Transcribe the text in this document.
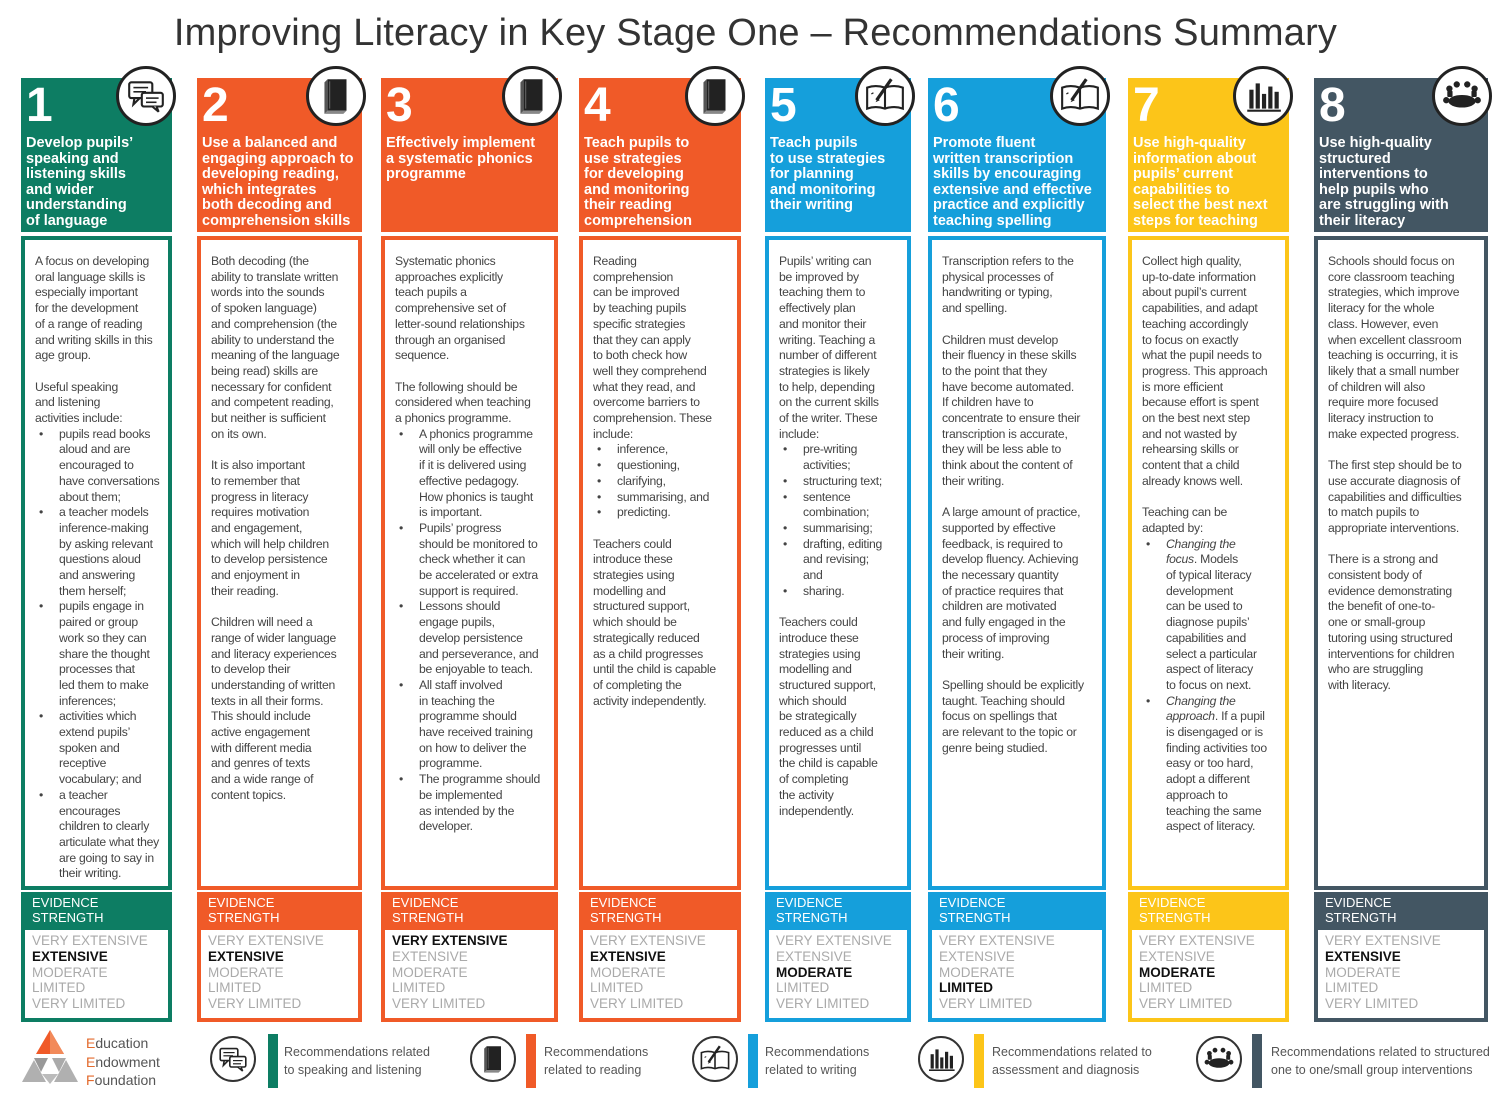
Improving Literacy in Key Stage One – Recommendations Summary
1
Develop pupils’
speaking and
listening skills
and wider
understanding
of language

A focus on developing
oral language skills is
especially important
for the development
of a range of reading
and writing skills in this
age group.

Useful speaking
and listening
activities include:

• pupils read books
aloud and are
encouraged to
have conversations
about them;
• a teacher models
inference-making
by asking relevant
questions aloud
and answering
them herself;
• pupils engage in
paired or group
work so they can
share the thought
processes that
led them to make
inferences;
• activities which
extend pupils’
spoken and
receptive
vocabulary; and
• a teacher
encourages
children to clearly
articulate what they
are going to say in
their writing.
EVIDENCE
STRENGTH
VERY EXTENSIVE
EXTENSIVE
MODERATE
LIMITED
VERY LIMITED
2
Use a balanced and
engaging approach to
developing reading,
which integrates
both decoding and
comprehension skills

Both decoding (the
ability to translate written
words into the sounds
of spoken language)
and comprehension (the
ability to understand the
meaning of the language
being read) skills are
necessary for confident
and competent reading,
but neither is sufficient
on its own.

It is also important
to remember that
progress in literacy
requires motivation
and engagement,
which will help children
to develop persistence
and enjoyment in
their reading.

Children will need a
range of wider language
and literacy experiences
to develop their
understanding of written
texts in all their forms.
This should include
active engagement
with different media
and genres of texts
and a wide range of
content topics.

EVIDENCE
STRENGTH
VERY EXTENSIVE
EXTENSIVE
MODERATE
LIMITED
VERY LIMITED
3
Effectively implement
a systematic phonics
programme

Systematic phonics
approaches explicitly
teach pupils a
comprehensive set of
letter-sound relationships
through an organised
sequence.

The following should be
considered when teaching
a phonics programme.

• A phonics programme
will only be effective
if it is delivered using
effective pedagogy.
How phonics is taught
is important.
• Pupils’ progress
should be monitored to
check whether it can
be accelerated or extra
support is required.
• Lessons should
engage pupils,
develop persistence
and perseverance, and
be enjoyable to teach.
• All staff involved
in teaching the
programme should
have received training
on how to deliver the
programme.
• The programme should
be implemented
as intended by the
developer.
EVIDENCE
STRENGTH
VERY EXTENSIVE
EXTENSIVE
MODERATE
LIMITED
VERY LIMITED
4
Teach pupils to
use strategies
for developing
and monitoring
their reading
comprehension

Reading
comprehension
can be improved
by teaching pupils
specific strategies
that they can apply
to both check how
well they comprehend
what they read, and
overcome barriers to
comprehension. These
include:

• inference,
• questioning,
• clarifying,
• summarising, and
• predicting.

Teachers could
introduce these
strategies using
modelling and
structured support,
which should be
strategically reduced
as a child progresses
until the child is capable
of completing the
activity independently.

EVIDENCE
STRENGTH
VERY EXTENSIVE
EXTENSIVE
MODERATE
LIMITED
VERY LIMITED
5
Teach pupils
to use strategies
for planning
and monitoring
their writing

Pupils’ writing can
be improved by
teaching them to
effectively plan
and monitor their
writing. Teaching a
number of different
strategies is likely
to help, depending
on the current skills
of the writer. These
include:

• pre-writing
activities;
• structuring text;
• sentence
combination;
• summarising;
• drafting, editing
and revising;
and
• sharing.

Teachers could
introduce these
strategies using
modelling and
structured support,
which should
be strategically
reduced as a child
progresses until
the child is capable
of completing
the activity
independently.

EVIDENCE
STRENGTH
VERY EXTENSIVE
EXTENSIVE
MODERATE
LIMITED
VERY LIMITED
6
Promote fluent
written transcription
skills by encouraging
extensive and effective
practice and explicitly
teaching spelling

Transcription refers to the
physical processes of
handwriting or typing,
and spelling.

Children must develop
their fluency in these skills
to the point that they
have become automated.
If children have to
concentrate to ensure their
transcription is accurate,
they will be less able to
think about the content of
their writing.

A large amount of practice,
supported by effective
feedback, is required to
develop fluency. Achieving
the necessary quantity
of practice requires that
children are motivated
and fully engaged in the
process of improving
their writing.

Spelling should be explicitly
taught. Teaching should
focus on spellings that
are relevant to the topic or
genre being studied.

EVIDENCE
STRENGTH
VERY EXTENSIVE
EXTENSIVE
MODERATE
LIMITED
VERY LIMITED
7
Use high-quality
information about
pupils’ current
capabilities to
select the best next
steps for teaching

Collect high quality,
up-to-date information
about pupil’s current
capabilities, and adapt
teaching accordingly
to focus on exactly
what the pupil needs to
progress. This approach
is more efficient
because effort is spent
on the best next step
and not wasted by
rehearsing skills or
content that a child
already knows well.

Teaching can be
adapted by:

• Changing the
focus. Models
of typical literacy
development
can be used to
diagnose pupils’
capabilities and
select a particular
aspect of literacy
to focus on next.
• Changing the
approach. If a pupil
is disengaged or is
finding activities too
easy or too hard,
adopt a different
approach to
teaching the same
aspect of literacy.
EVIDENCE
STRENGTH
VERY EXTENSIVE
EXTENSIVE
MODERATE
LIMITED
VERY LIMITED
8
Use high-quality
structured
interventions to
help pupils who
are struggling with
their literacy

Schools should focus on
core classroom teaching
strategies, which improve
literacy for the whole
class. However, even
when excellent classroom
teaching is occurring, it is
likely that a small number
of children will also
require more focused
literacy instruction to
make expected progress.

The first step should be to
use accurate diagnosis of
capabilities and difficulties
to match pupils to
appropriate interventions.

There is a strong and
consistent body of
evidence demonstrating
the benefit of one-to-
one or small-group
tutoring using structured
interventions for children
who are struggling
with literacy.

EVIDENCE
STRENGTH
VERY EXTENSIVE
EXTENSIVE
MODERATE
LIMITED
VERY LIMITED
Education
Endowment
Foundation
Recommendations related
to speaking and listening
Recommendations
related to reading
Recommendations
related to writing
Recommendations related to
assessment and diagnosis
Recommendations related to structured
one to one/small group interventions
